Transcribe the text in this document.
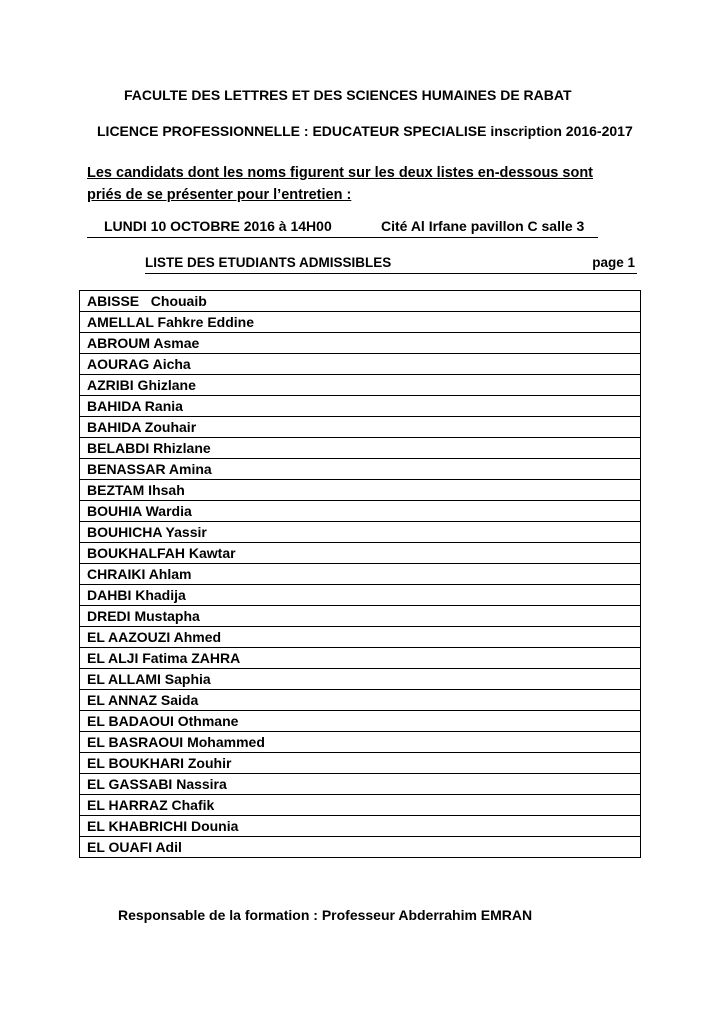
FACULTE DES LETTRES ET DES SCIENCES HUMAINES DE RABAT
LICENCE PROFESSIONNELLE : EDUCATEUR SPECIALISE inscription 2016-2017
Les candidats dont les noms figurent sur les deux listes en-dessous sont
priés de se présenter pour l’entretien :
LUNDI 10 OCTOBRE 2016 à 14H00	Cité Al Irfane pavillon C salle 3
LISTE DES ETUDIANTS ADMISSIBLES	page 1
ABISSE   Chouaib
AMELLAL Fahkre Eddine
ABROUM Asmae
AOURAG Aicha
AZRIBI Ghizlane
BAHIDA Rania
BAHIDA Zouhair
BELABDI Rhizlane
BENASSAR Amina
BEZTAM Ihsah
BOUHIA Wardia
BOUHICHA Yassir
BOUKHALFAH Kawtar
CHRAIKI Ahlam
DAHBI Khadija
DREDI Mustapha
EL AAZOUZI Ahmed
EL ALJI Fatima ZAHRA
EL ALLAMI Saphia
EL ANNAZ Saida
EL BADAOUI Othmane
EL BASRAOUI Mohammed
EL BOUKHARI Zouhir
EL GASSABI Nassira
EL HARRAZ Chafik
EL KHABRICHI Dounia
EL OUAFI Adil
Responsable de la formation : Professeur Abderrahim EMRAN
